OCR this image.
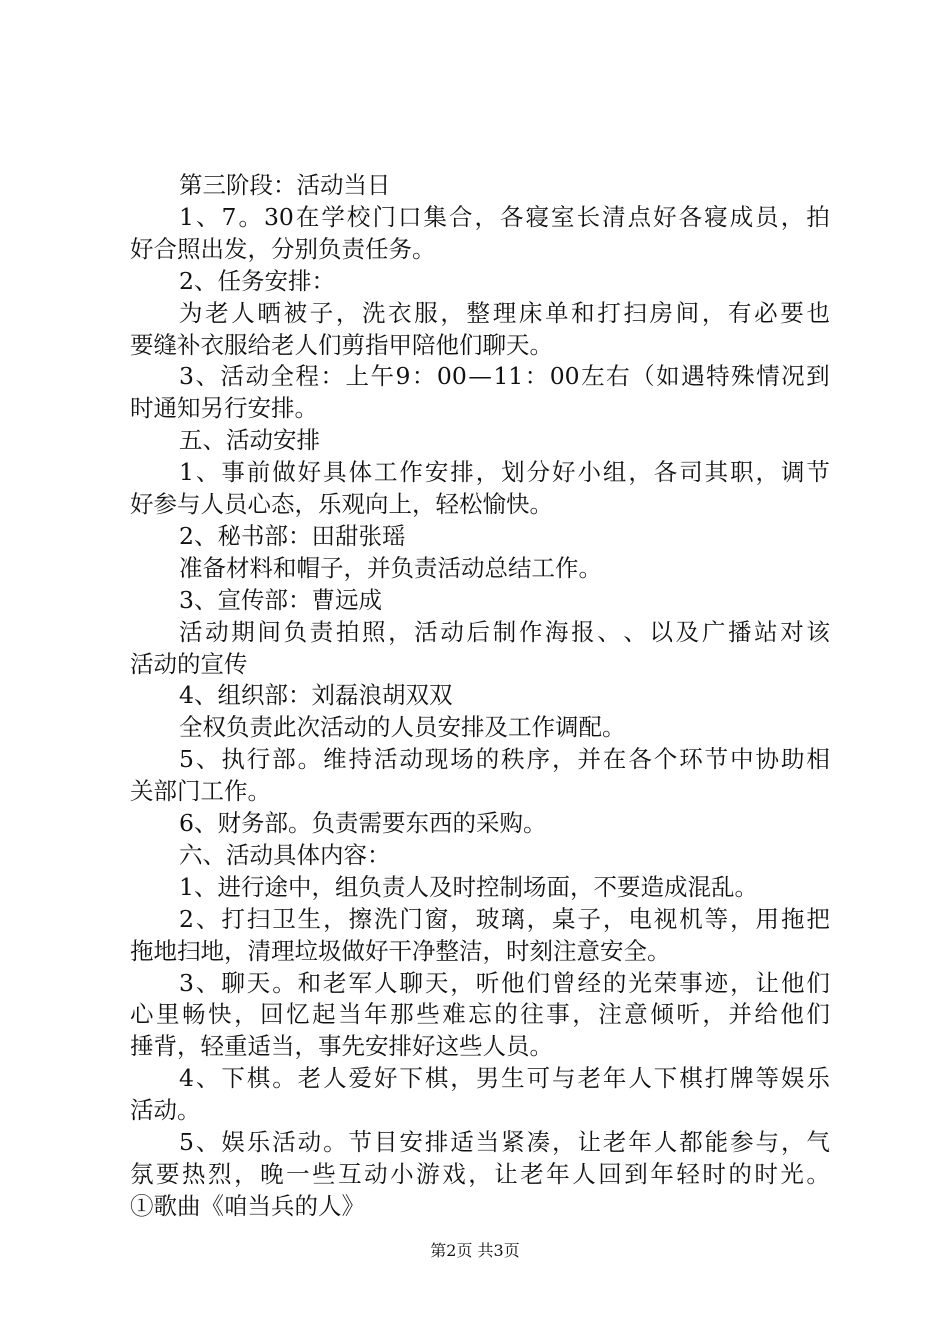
第三阶段：活动当日
1 、 7 。 30 在 学 校 门 口 集 合 ， 各 寝 室 长 清 点 好 各 寝 成 员 ， 拍
好合照出发，分别负责任务。
2、任务安排：
为 老 人 晒 被 子 ， 洗 衣 服 ， 整 理 床 单 和 打 扫 房 间 ， 有 必 要 也
要缝补衣服给老人们剪指甲陪他们聊天。
3 、 活 动 全 程 ： 上 午 9 ： 00 — 11 ： 00 左 右 （ 如 遇 特 殊 情 况 到
时通知另行安排。
五、活动安排
1 、 事 前 做 好 具 体 工 作 安 排 ， 划 分 好 小 组 ， 各 司 其 职 ， 调 节
好参与人员心态，乐观向上，轻松愉快。
2、秘书部：田甜张瑶
准备材料和帽子，并负责活动总结工作。
3、宣传部：曹远成
活 动 期 间 负 责 拍 照 ， 活 动 后 制 作 海 报 、 、 以 及 广 播 站 对 该
活动的宣传
4、组织部：刘磊浪胡双双
全权负责此次活动的人员安排及工作调配。
5 、 执 行 部 。 维 持 活 动 现 场 的 秩 序 ， 并 在 各 个 环 节 中 协 助 相
关部门工作。
6、财务部。负责需要东西的采购。
六、活动具体内容：
1、进行途中，组负责人及时控制场面，不要造成混乱。
2 、 打 扫 卫 生 ， 擦 洗 门 窗 ， 玻 璃 ， 桌 子 ， 电 视 机 等 ， 用 拖 把
拖地扫地，清理垃圾做好干净整洁，时刻注意安全。
3 、 聊 天 。 和 老 军 人 聊 天 ， 听 他 们 曾 经 的 光 荣 事 迹 ， 让 他 们
心 里 畅 快 ， 回 忆 起 当 年 那 些 难 忘 的 往 事 ， 注 意 倾 听 ， 并 给 他 们
捶背，轻重适当，事先安排好这些人员。
4 、 下 棋 。 老 人 爱 好 下 棋 ， 男 生 可 与 老 年 人 下 棋 打 牌 等 娱 乐
活动。
5 、 娱 乐 活 动 。 节 目 安 排 适 当 紧 凑 ， 让 老 年 人 都 能 参 与 ， 气
氛 要 热 烈 ， 晚 一 些 互 动 小 游 戏 ， 让 老 年 人 回 到 年 轻 时 的 时 光 。
①歌曲《咱当兵的人》
第2页 共3页
